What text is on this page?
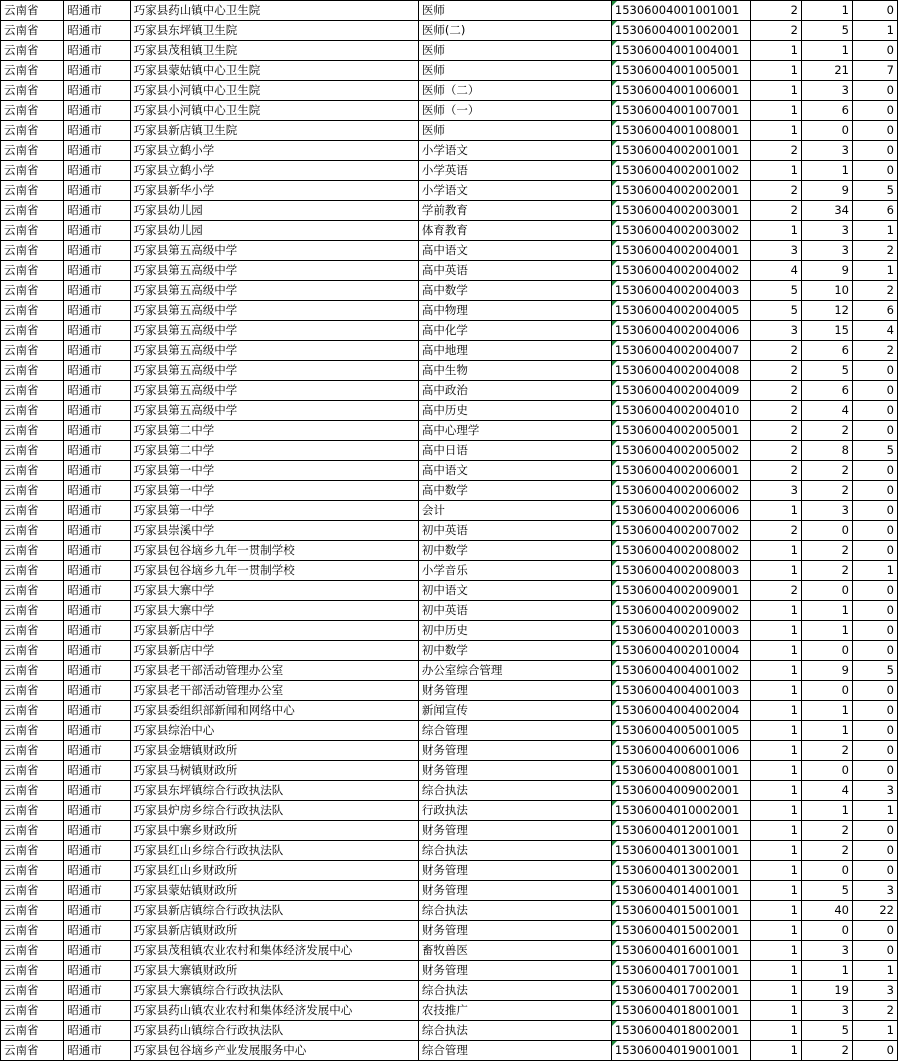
云南省	昭通市	巧家县药山镇中心卫生院	医师	15306004001001001	2	1	0
云南省	昭通市	巧家县东坪镇卫生院	医师(二)	15306004001002001	2	5	1
云南省	昭通市	巧家县茂租镇卫生院	医师	15306004001004001	1	1	0
云南省	昭通市	巧家县蒙姑镇中心卫生院	医师	15306004001005001	1	21	7
云南省	昭通市	巧家县小河镇中心卫生院	医师（二）	15306004001006001	1	3	0
云南省	昭通市	巧家县小河镇中心卫生院	医师（一）	15306004001007001	1	6	0
云南省	昭通市	巧家县新店镇卫生院	医师	15306004001008001	1	0	0
云南省	昭通市	巧家县立鹤小学	小学语文	15306004002001001	2	3	0
云南省	昭通市	巧家县立鹤小学	小学英语	15306004002001002	1	1	0
云南省	昭通市	巧家县新华小学	小学语文	15306004002002001	2	9	5
云南省	昭通市	巧家县幼儿园	学前教育	15306004002003001	2	34	6
云南省	昭通市	巧家县幼儿园	体育教育	15306004002003002	1	3	1
云南省	昭通市	巧家县第五高级中学	高中语文	15306004002004001	3	3	2
云南省	昭通市	巧家县第五高级中学	高中英语	15306004002004002	4	9	1
云南省	昭通市	巧家县第五高级中学	高中数学	15306004002004003	5	10	2
云南省	昭通市	巧家县第五高级中学	高中物理	15306004002004005	5	12	6
云南省	昭通市	巧家县第五高级中学	高中化学	15306004002004006	3	15	4
云南省	昭通市	巧家县第五高级中学	高中地理	15306004002004007	2	6	2
云南省	昭通市	巧家县第五高级中学	高中生物	15306004002004008	2	5	0
云南省	昭通市	巧家县第五高级中学	高中政治	15306004002004009	2	6	0
云南省	昭通市	巧家县第五高级中学	高中历史	15306004002004010	2	4	0
云南省	昭通市	巧家县第二中学	高中心理学	15306004002005001	2	2	0
云南省	昭通市	巧家县第二中学	高中日语	15306004002005002	2	8	5
云南省	昭通市	巧家县第一中学	高中语文	15306004002006001	2	2	0
云南省	昭通市	巧家县第一中学	高中数学	15306004002006002	3	2	0
云南省	昭通市	巧家县第一中学	会计	15306004002006006	1	3	0
云南省	昭通市	巧家县崇溪中学	初中英语	15306004002007002	2	0	0
云南省	昭通市	巧家县包谷垴乡九年一贯制学校	初中数学	15306004002008002	1	2	0
云南省	昭通市	巧家县包谷垴乡九年一贯制学校	小学音乐	15306004002008003	1	2	1
云南省	昭通市	巧家县大寨中学	初中语文	15306004002009001	2	0	0
云南省	昭通市	巧家县大寨中学	初中英语	15306004002009002	1	1	0
云南省	昭通市	巧家县新店中学	初中历史	15306004002010003	1	1	0
云南省	昭通市	巧家县新店中学	初中数学	15306004002010004	1	0	0
云南省	昭通市	巧家县老干部活动管理办公室	办公室综合管理	15306004004001002	1	9	5
云南省	昭通市	巧家县老干部活动管理办公室	财务管理	15306004004001003	1	0	0
云南省	昭通市	巧家县委组织部新闻和网络中心	新闻宣传	15306004004002004	1	1	0
云南省	昭通市	巧家县综治中心	综合管理	15306004005001005	1	1	0
云南省	昭通市	巧家县金塘镇财政所	财务管理	15306004006001006	1	2	0
云南省	昭通市	巧家县马树镇财政所	财务管理	15306004008001001	1	0	0
云南省	昭通市	巧家县东坪镇综合行政执法队	综合执法	15306004009002001	1	4	3
云南省	昭通市	巧家县炉房乡综合行政执法队	行政执法	15306004010002001	1	1	1
云南省	昭通市	巧家县中寨乡财政所	财务管理	15306004012001001	1	2	0
云南省	昭通市	巧家县红山乡综合行政执法队	综合执法	15306004013001001	1	2	0
云南省	昭通市	巧家县红山乡财政所	财务管理	15306004013002001	1	0	0
云南省	昭通市	巧家县蒙姑镇财政所	财务管理	15306004014001001	1	5	3
云南省	昭通市	巧家县新店镇综合行政执法队	综合执法	15306004015001001	1	40	22
云南省	昭通市	巧家县新店镇财政所	财务管理	15306004015002001	1	0	0
云南省	昭通市	巧家县茂租镇农业农村和集体经济发展中心	畜牧兽医	15306004016001001	1	3	0
云南省	昭通市	巧家县大寨镇财政所	财务管理	15306004017001001	1	1	1
云南省	昭通市	巧家县大寨镇综合行政执法队	综合执法	15306004017002001	1	19	3
云南省	昭通市	巧家县药山镇农业农村和集体经济发展中心	农技推广	15306004018001001	1	3	2
云南省	昭通市	巧家县药山镇综合行政执法队	综合执法	15306004018002001	1	5	1
云南省	昭通市	巧家县包谷垴乡产业发展服务中心	综合管理	15306004019001001	1	2	0
